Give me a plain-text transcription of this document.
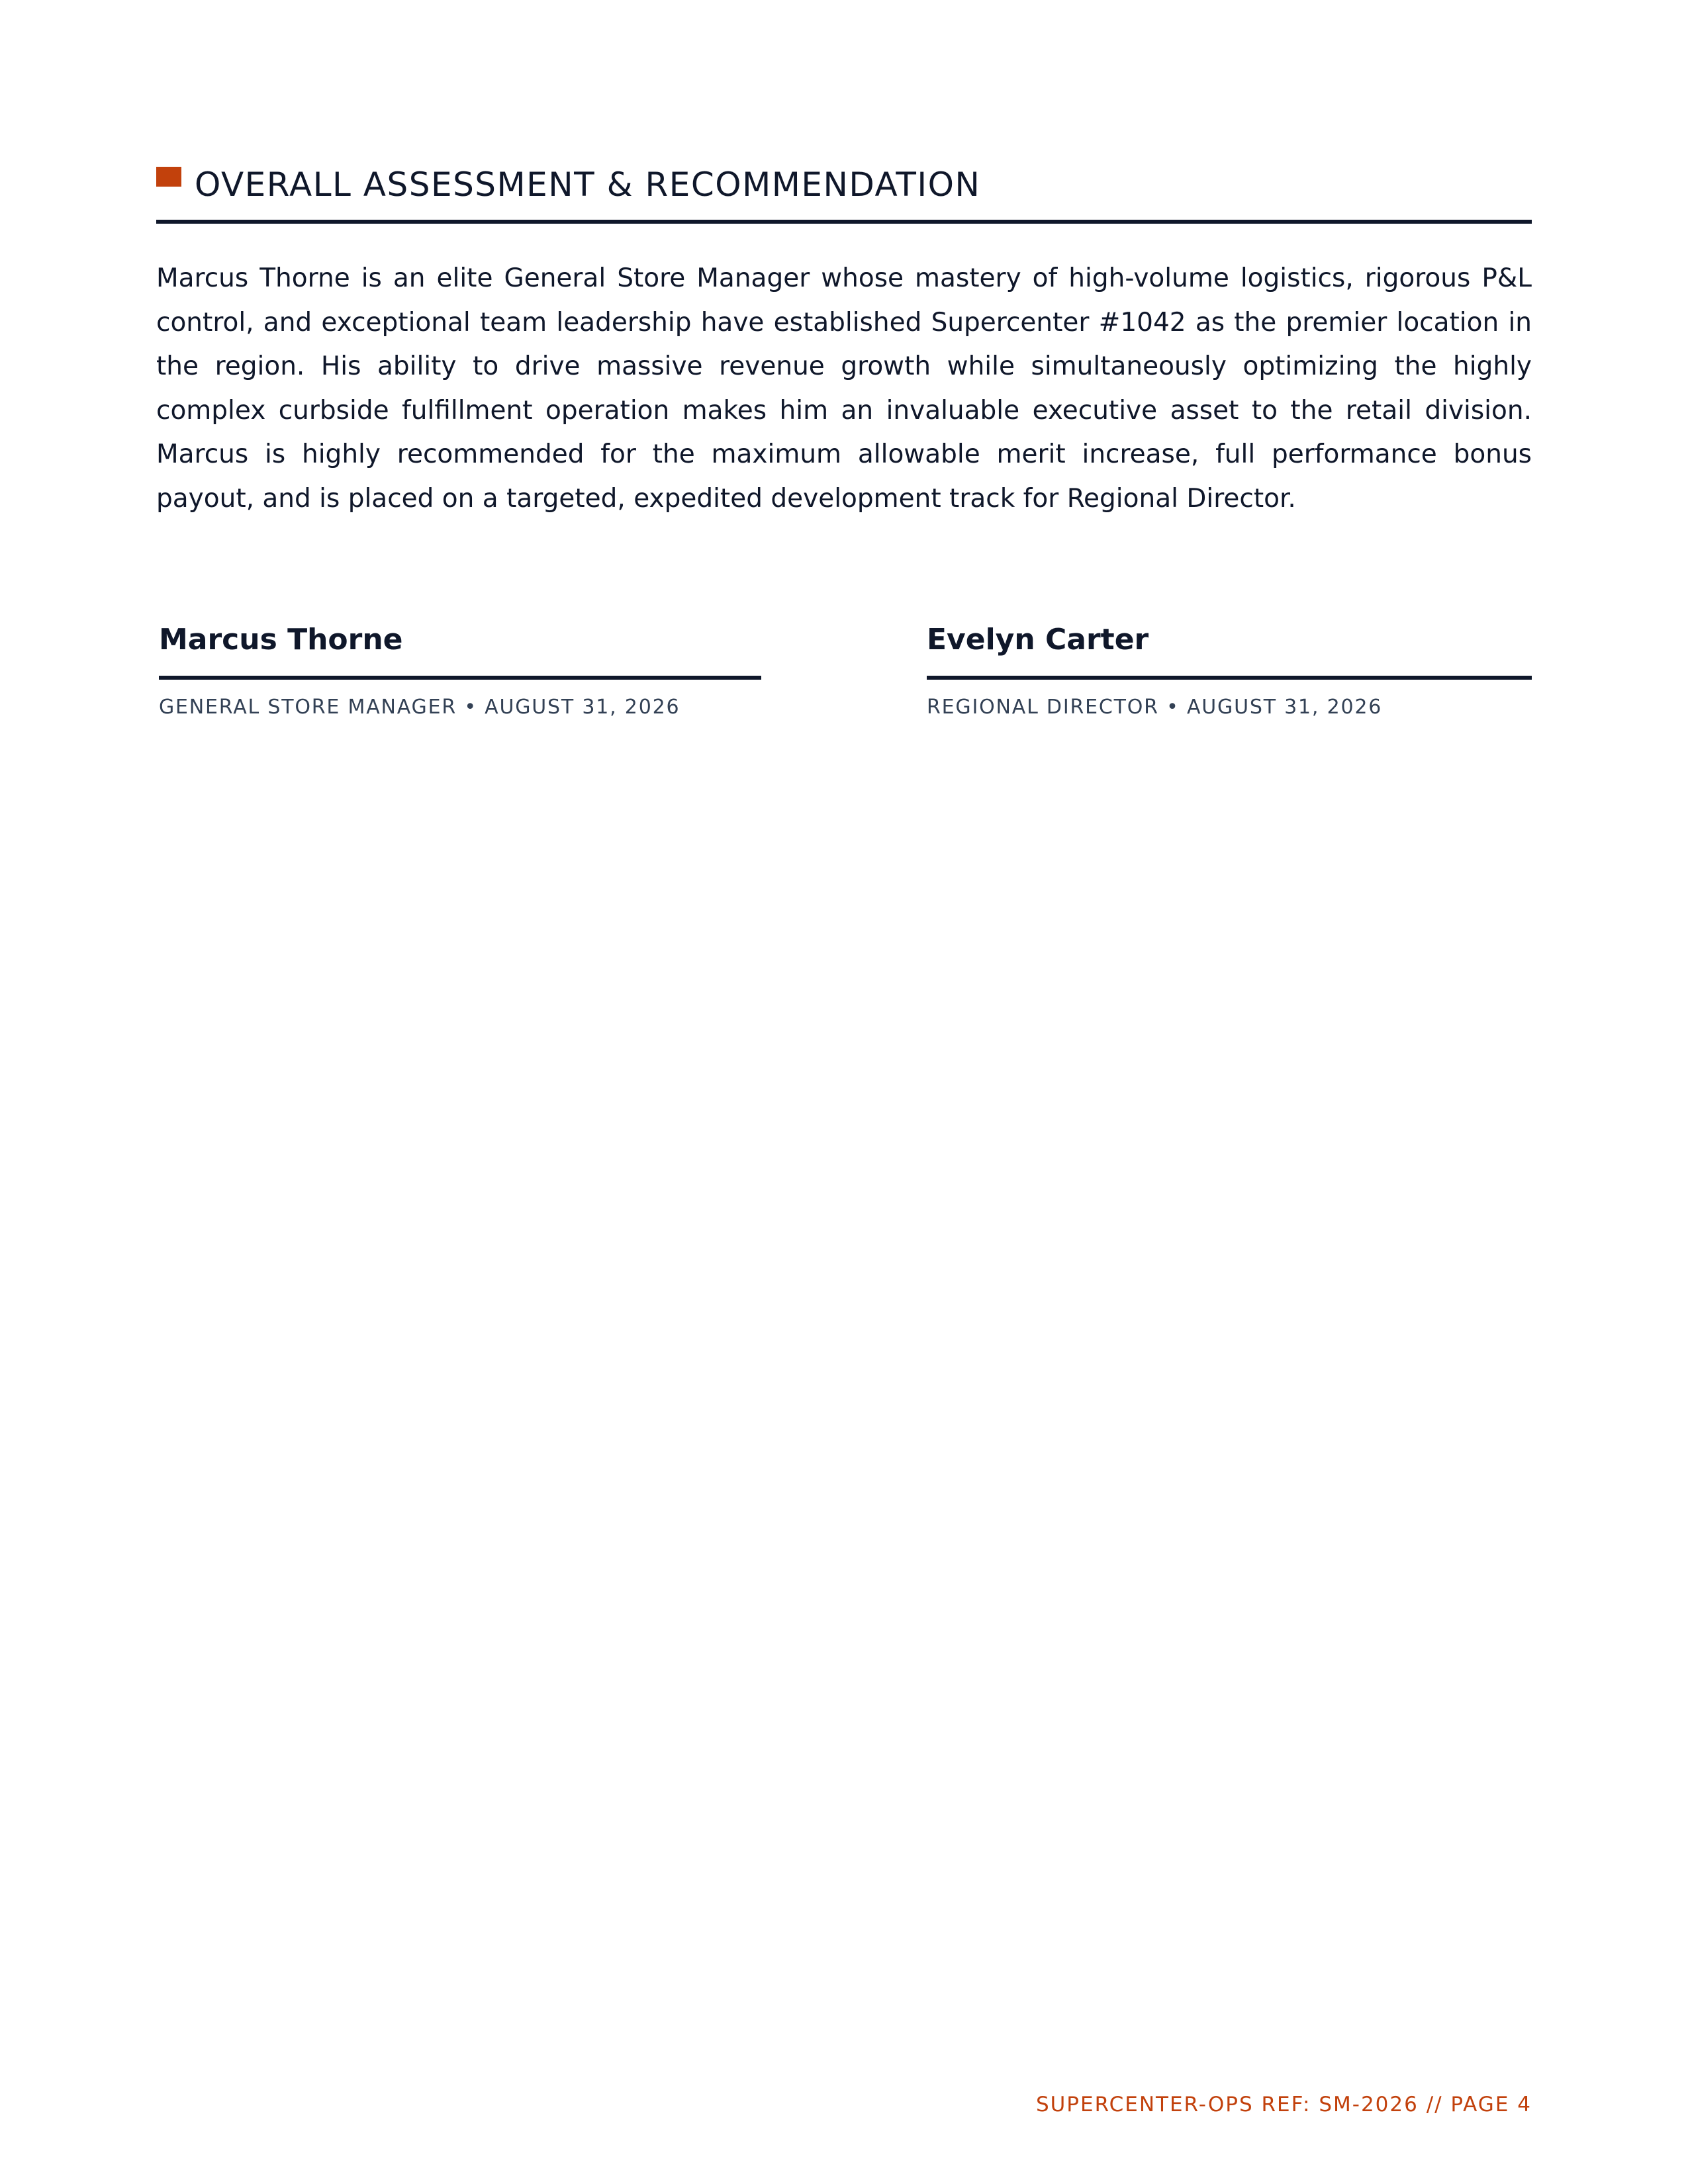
OVERALL ASSESSMENT & RECOMMENDATION

Marcus Thorne is an elite General Store Manager whose mastery of high-volume logistics, rigorous P&L control, and exceptional team leadership have established Supercenter #1042 as the premier location in the region. His ability to drive massive revenue growth while simultaneously optimizing the highly complex curbside fulfillment operation makes him an invaluable executive asset to the retail division. Marcus is highly recommended for the maximum allowable merit increase, full performance bonus payout, and is placed on a targeted, expedited development track for Regional Director.

Marcus Thorne
GENERAL STORE MANAGER • AUGUST 31, 2026
Evelyn Carter
REGIONAL DIRECTOR • AUGUST 31, 2026
SUPERCENTER-OPS REF: SM-2026 // PAGE 4
